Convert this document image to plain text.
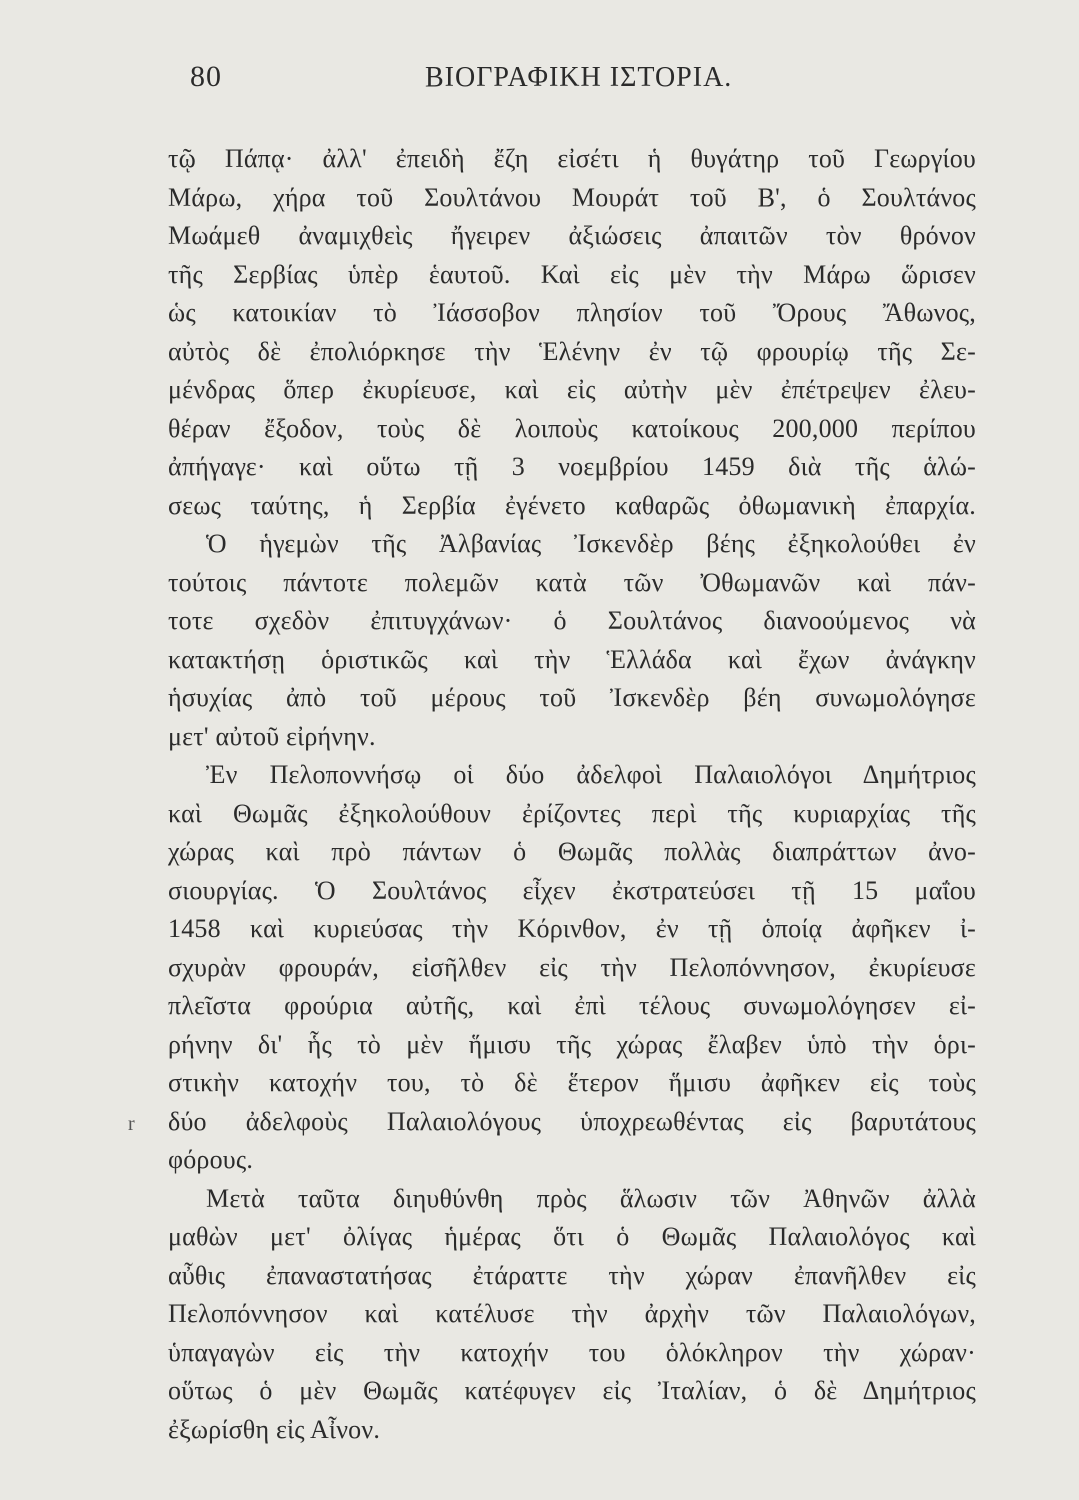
80	ΒΙΟΓΡΑΦΙΚΗ ΙΣΤΟΡΙΑ.
τῷ Πάπᾳ· ἀλλ' ἐπειδὴ ἔζη εἰσέτι ἡ θυγάτηρ τοῦ Γεωργίου
Μάρω, χήρα τοῦ Σουλτάνου Μουράτ τοῦ Β', ὁ Σουλτάνος
Μωάμεθ ἀναμιχθεὶς ἤγειρεν ἀξιώσεις ἀπαιτῶν τὸν θρόνον
τῆς Σερβίας ὑπὲρ ἑαυτοῦ. Καὶ εἰς μὲν τὴν Μάρω ὥρισεν
ὡς κατοικίαν τὸ Ἰάσσοβον πλησίον τοῦ Ὄρους Ἄθωνος,
αὐτὸς δὲ ἐπολιόρκησε τὴν Ἑλένην ἐν τῷ φρουρίῳ τῆς Σε-
μένδρας ὅπερ ἐκυρίευσε, καὶ εἰς αὐτὴν μὲν ἐπέτρεψεν ἐλευ-
θέραν ἔξοδον, τοὺς δὲ λοιποὺς κατοίκους 200,000 περίπου
ἀπήγαγε· καὶ οὕτω τῇ 3 νοεμβρίου 1459 διὰ τῆς ἁλώ-
σεως ταύτης, ἡ Σερβία ἐγένετο καθαρῶς ὀθωμανικὴ ἐπαρχία.
Ὁ ἡγεμὼν τῆς Ἀλβανίας Ἰσκενδὲρ βέης ἐξηκολούθει ἐν
τούτοις πάντοτε πολεμῶν κατὰ τῶν Ὀθωμανῶν καὶ πάν-
τοτε σχεδὸν ἐπιτυγχάνων· ὁ Σουλτάνος διανοούμενος νὰ
κατακτήσῃ ὁριστικῶς καὶ τὴν Ἑλλάδα καὶ ἔχων ἀνάγκην
ἡσυχίας ἀπὸ τοῦ μέρους τοῦ Ἰσκενδὲρ βέη συνωμολόγησε
μετ' αὐτοῦ εἰρήνην.
Ἐν Πελοποννήσῳ οἱ δύο ἀδελφοὶ Παλαιολόγοι Δημήτριος
καὶ Θωμᾶς ἐξηκολούθουν ἐρίζοντες περὶ τῆς κυριαρχίας τῆς
χώρας καὶ πρὸ πάντων ὁ Θωμᾶς πολλὰς διαπράττων ἀνο-
σιουργίας. Ὁ Σουλτάνος εἶχεν ἐκστρατεύσει τῇ 15 μαΐου
1458 καὶ κυριεύσας τὴν Κόρινθον, ἐν τῇ ὁποίᾳ ἀφῆκεν ἰ-
σχυρὰν φρουράν, εἰσῆλθεν εἰς τὴν Πελοπόννησον, ἐκυρίευσε
πλεῖστα φρούρια αὐτῆς, καὶ ἐπὶ τέλους συνωμολόγησεν εἰ-
ρήνην δι' ἧς τὸ μὲν ἥμισυ τῆς χώρας ἔλαβεν ὑπὸ τὴν ὁρι-
στικὴν κατοχήν του, τὸ δὲ ἕτερον ἥμισυ ἀφῆκεν εἰς τοὺς
δύο ἀδελφοὺς Παλαιολόγους ὑποχρεωθέντας εἰς βαρυτάτους
φόρους.
Μετὰ ταῦτα διηυθύνθη πρὸς ἅλωσιν τῶν Ἀθηνῶν ἀλλὰ
μαθὼν μετ' ὀλίγας ἡμέρας ὅτι ὁ Θωμᾶς Παλαιολόγος καὶ
αὖθις ἐπαναστατήσας ἐτάραττε τὴν χώραν ἐπανῆλθεν εἰς
Πελοπόννησον καὶ κατέλυσε τὴν ἀρχὴν τῶν Παλαιολόγων,
ὑπαγαγὼν εἰς τὴν κατοχήν του ὁλόκληρον τὴν χώραν·
οὕτως ὁ μὲν Θωμᾶς κατέφυγεν εἰς Ἰταλίαν, ὁ δὲ Δημήτριος
ἐξωρίσθη εἰς Αἶνον.
r
